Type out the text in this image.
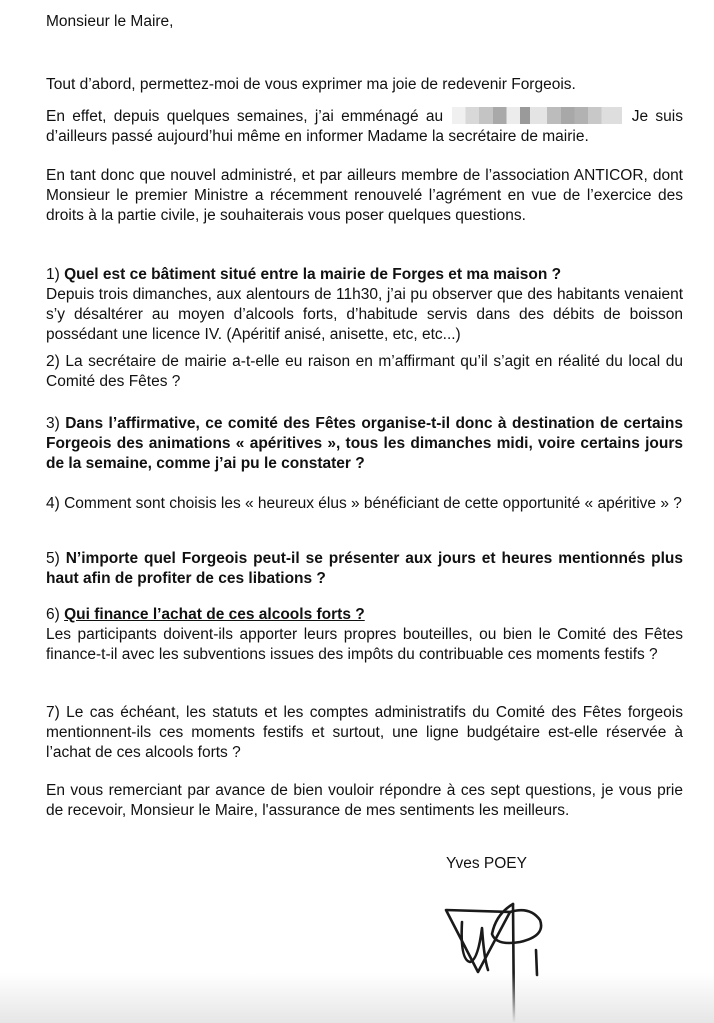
Monsieur le Maire,
Tout d’abord, permettez-moi de vous exprimer ma joie de redevenir Forgeois.
En effet, depuis quelques semaines, j’ai emménagé au	Je suis d’ailleurs passé aujourd’hui même en informer Madame la secrétaire de mairie.
En tant donc que nouvel administré, et par ailleurs membre de l’association ANTICOR, dont Monsieur le premier Ministre a récemment renouvelé l’agrément en vue de l’exercice des droits à la partie civile, je souhaiterais vous poser quelques questions.
1) Quel est ce bâtiment situé entre la mairie de Forges et ma maison ?
Depuis trois dimanches, aux alentours de 11h30, j’ai pu observer que des habitants venaient s’y désaltérer au moyen d’alcools forts, d’habitude servis dans des débits de boisson possédant une licence IV. (Apéritif anisé, anisette, etc, etc...)
2) La secrétaire de mairie a-t-elle eu raison en m’affirmant qu’il s’agit en réalité du local du Comité des Fêtes ?
3) Dans l’affirmative, ce comité des Fêtes organise-t-il donc à destination de certains Forgeois des animations « apéritives », tous les dimanches midi, voire certains jours de la semaine, comme j’ai pu le constater ?
4) Comment sont choisis les « heureux élus » bénéficiant de cette opportunité « apéritive » ?
5) N’importe quel Forgeois peut-il se présenter aux jours et heures mentionnés plus haut afin de profiter de ces libations ?
6) Qui finance l’achat de ces alcools forts ?
Les participants doivent-ils apporter leurs propres bouteilles, ou bien le Comité des Fêtes finance-t-il avec les subventions issues des impôts du contribuable ces moments festifs ?
7) Le cas échéant, les statuts et les comptes administratifs du Comité des Fêtes forgeois mentionnent-ils ces moments festifs et surtout, une ligne budgétaire est-elle réservée à l’achat de ces alcools forts ?
En vous remerciant par avance de bien vouloir répondre à ces sept questions, je vous prie de recevoir, Monsieur le Maire, l'assurance de mes sentiments les meilleurs.
Yves POEY
